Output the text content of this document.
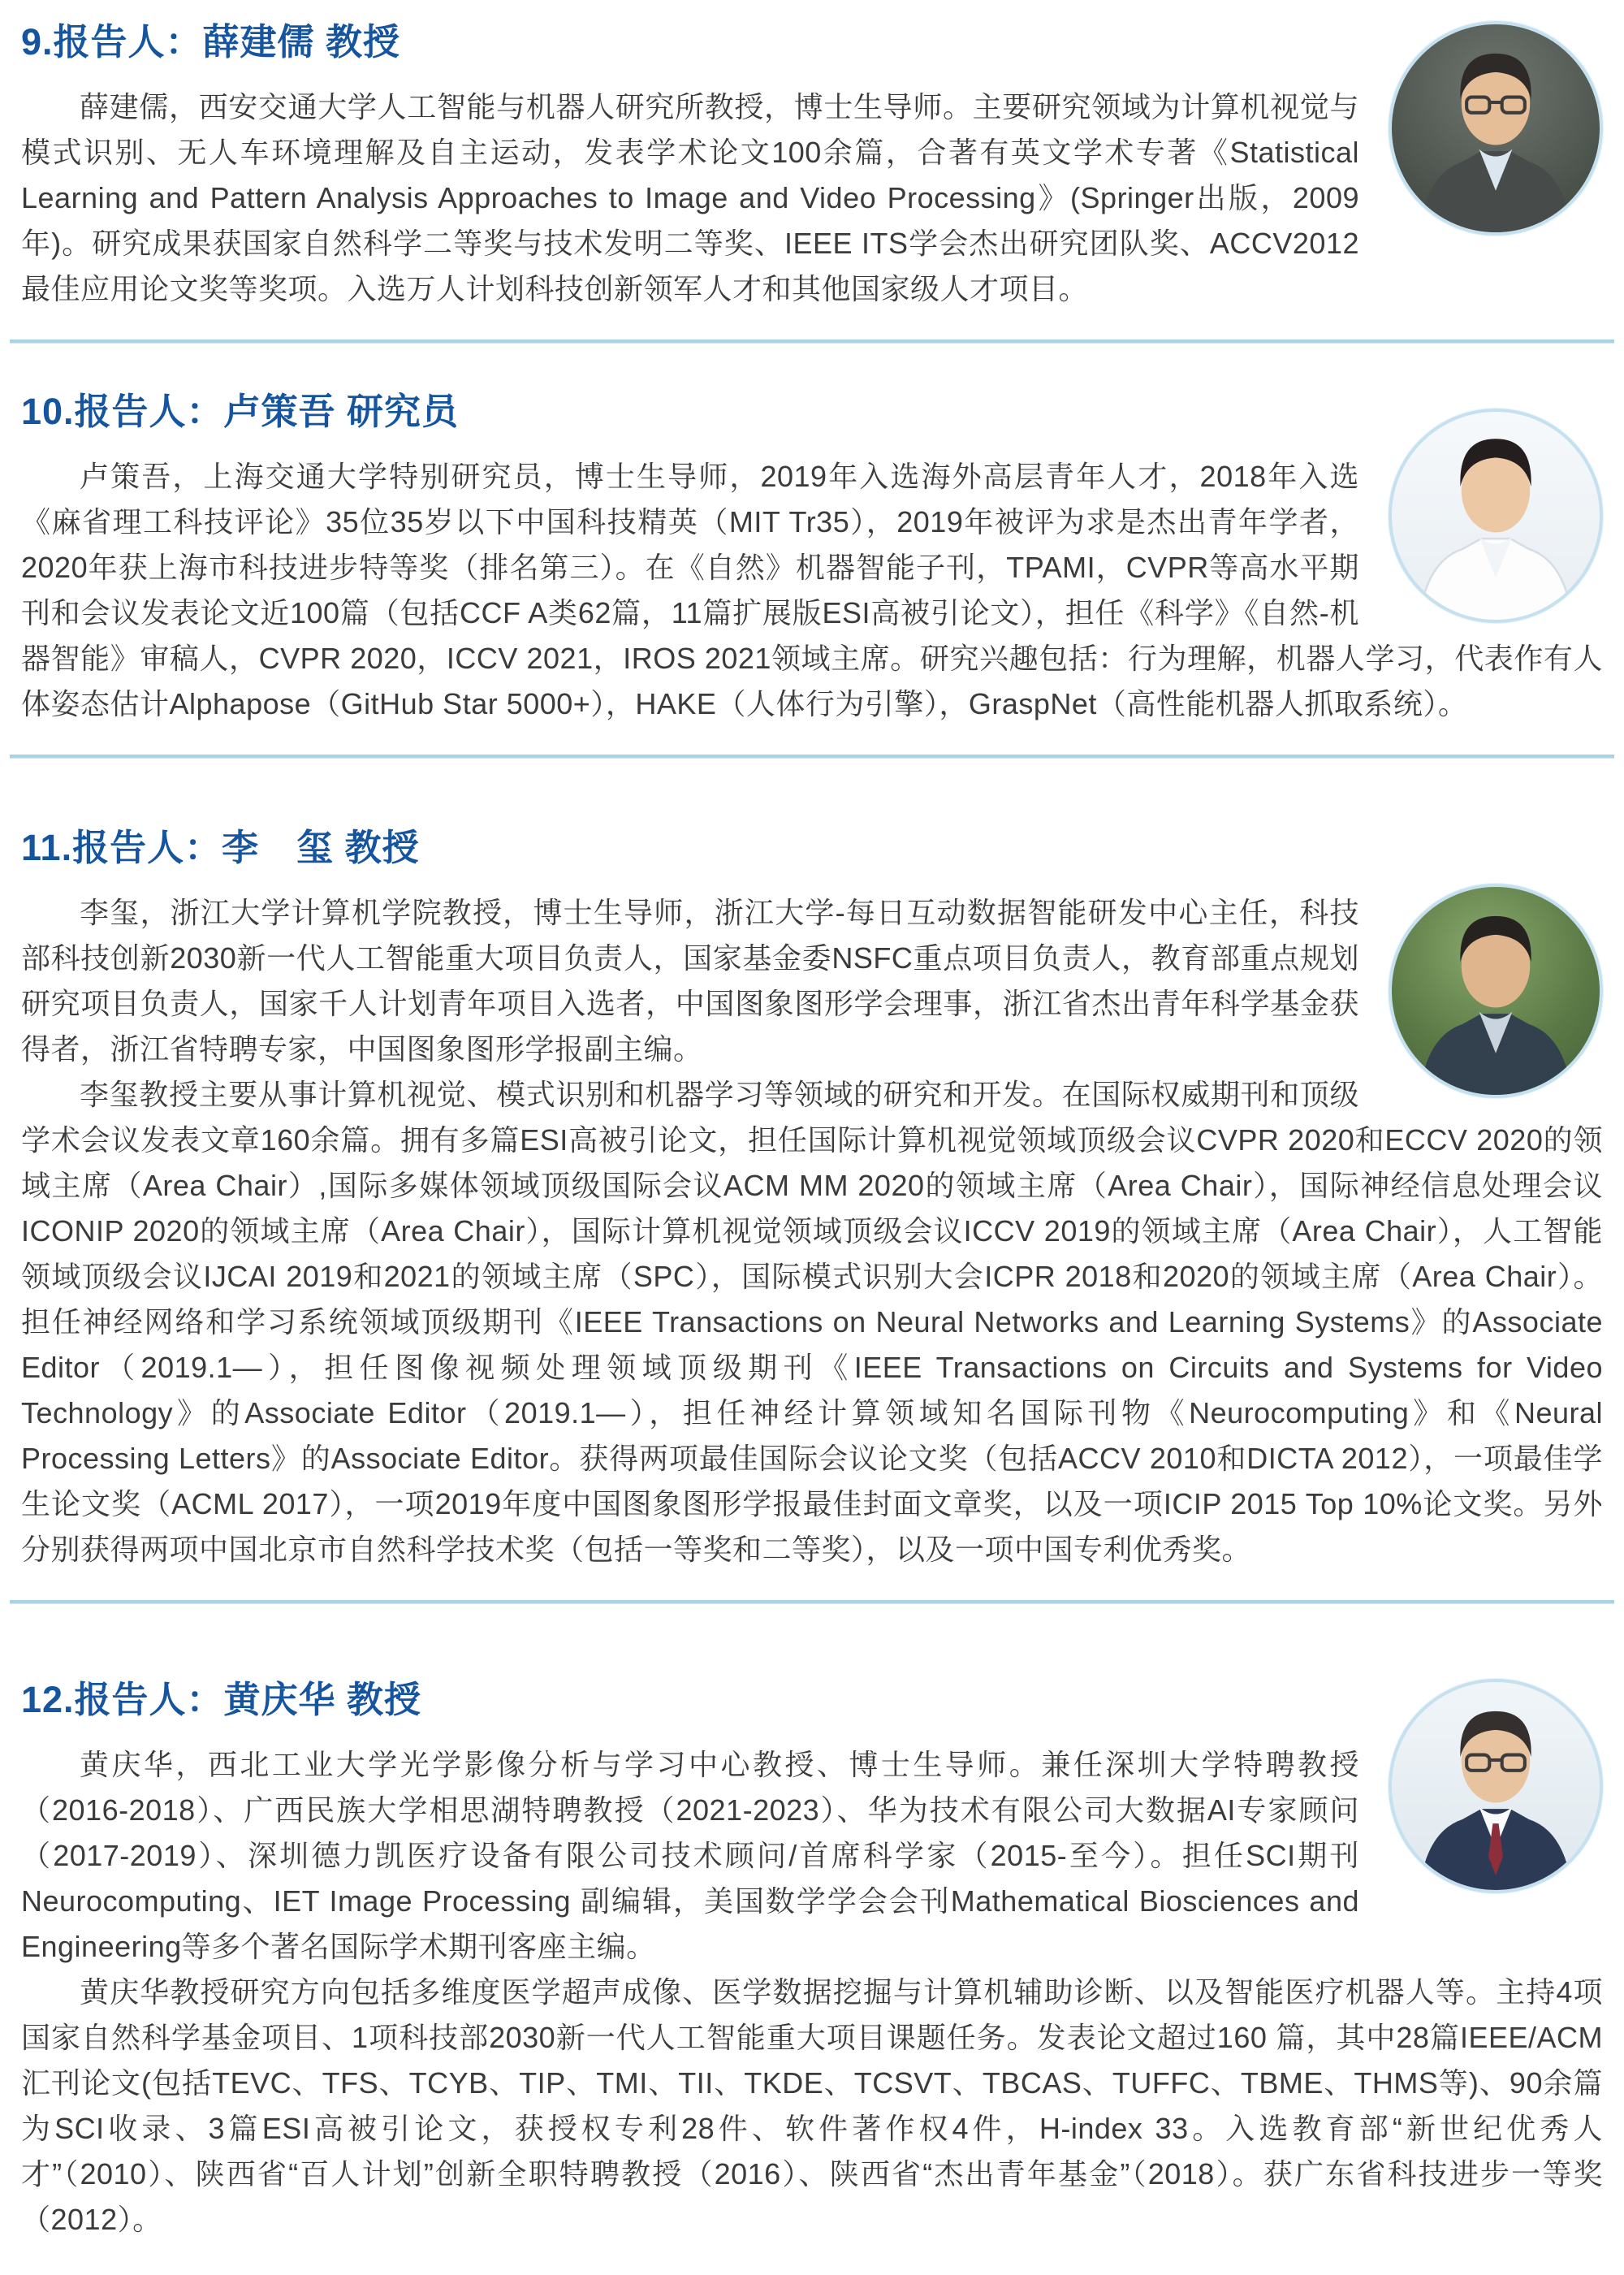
9.报告人：薛建儒 教授

薛建儒，西安交通大学人工智能与机器人研究所教授，博士生导师。主要研究领域为计算机视觉与模式识别、无人车环境理解及自主运动，发表学术论文100余篇，合著有英文学术专著《Statistical Learning and Pattern Analysis Approaches to Image and Video Processing》(Springer出版，2009年)。研究成果获国家自然科学二等奖与技术发明二等奖、IEEE ITS学会杰出研究团队奖、ACCV2012最佳应用论文奖等奖项。入选万人计划科技创新领军人才和其他国家级人才项目。

10.报告人：卢策吾 研究员

卢策吾，上海交通大学特别研究员，博士生导师，2019年入选海外高层青年人才，2018年入选《麻省理工科技评论》35位35岁以下中国科技精英（MIT Tr35），2019年被评为求是杰出青年学者，2020年获上海市科技进步特等奖（排名第三）。在《自然》机器智能子刊，TPAMI，CVPR等高水平期刊和会议发表论文近100篇（包括CCF A类62篇，11篇扩展版ESI高被引论文），担任《科学》《自然-机器智能》审稿人，CVPR 2020，ICCV 2021，IROS 2021领域主席。研究兴趣包括：行为理解，机器人学习，代表作有人体姿态估计Alphapose（GitHub Star 5000+），HAKE（人体行为引擎），GraspNet（高性能机器人抓取系统）。

11.报告人：李　玺 教授

李玺，浙江大学计算机学院教授，博士生导师，浙江大学-每日互动数据智能研发中心主任，科技部科技创新2030新一代人工智能重大项目负责人，国家基金委NSFC重点项目负责人，教育部重点规划研究项目负责人，国家千人计划青年项目入选者，中国图象图形学会理事，浙江省杰出青年科学基金获得者，浙江省特聘专家，中国图象图形学报副主编。

李玺教授主要从事计算机视觉、模式识别和机器学习等领域的研究和开发。在国际权威期刊和顶级学术会议发表文章160余篇。拥有多篇ESI高被引论文，担任国际计算机视觉领域顶级会议CVPR 2020和ECCV 2020的领域主席（Area Chair）,国际多媒体领域顶级国际会议ACM MM 2020的领域主席（Area Chair），国际神经信息处理会议ICONIP 2020的领域主席（Area Chair），国际计算机视觉领域顶级会议ICCV 2019的领域主席（Area Chair），人工智能领域顶级会议IJCAI 2019和2021的领域主席（SPC），国际模式识别大会ICPR 2018和2020的领域主席（Area Chair）。担任神经网络和学习系统领域顶级期刊《IEEE Transactions on Neural Networks and Learning Systems》的Associate Editor（2019.1—），担任图像视频处理领域顶级期刊《IEEE Transactions on Circuits and Systems for Video Technology》的Associate Editor（2019.1—），担任神经计算领域知名国际刊物《Neurocomputing》和《Neural Processing Letters》的Associate Editor。获得两项最佳国际会议论文奖（包括ACCV 2010和DICTA 2012），一项最佳学生论文奖（ACML 2017），一项2019年度中国图象图形学报最佳封面文章奖，以及一项ICIP 2015 Top 10%论文奖。另外分别获得两项中国北京市自然科学技术奖（包括一等奖和二等奖），以及一项中国专利优秀奖。

12.报告人：黄庆华 教授

黄庆华，西北工业大学光学影像分析与学习中心教授、博士生导师。兼任深圳大学特聘教授（2016-2018）、广西民族大学相思湖特聘教授（2021-2023）、华为技术有限公司大数据AI专家顾问（2017-2019）、深圳德力凯医疗设备有限公司技术顾问/首席科学家（2015-至今）。担任SCI期刊Neurocomputing、IET Image Processing 副编辑，美国数学学会会刊Mathematical Biosciences and Engineering等多个著名国际学术期刊客座主编。

黄庆华教授研究方向包括多维度医学超声成像、医学数据挖掘与计算机辅助诊断、以及智能医疗机器人等。主持4项国家自然科学基金项目、1项科技部2030新一代人工智能重大项目课题任务。发表论文超过160 篇，其中28篇IEEE/ACM汇刊论文(包括TEVC、TFS、TCYB、TIP、TMI、TII、TKDE、TCSVT、TBCAS、TUFFC、TBME、THMS等)、90余篇为SCI收录、3篇ESI高被引论文，获授权专利28件、软件著作权4件，H-index 33。入选教育部“新世纪优秀人才”（2010）、陕西省“百人计划”创新全职特聘教授（2016）、陕西省“杰出青年基金”（2018）。获广东省科技进步一等奖（2012）。
